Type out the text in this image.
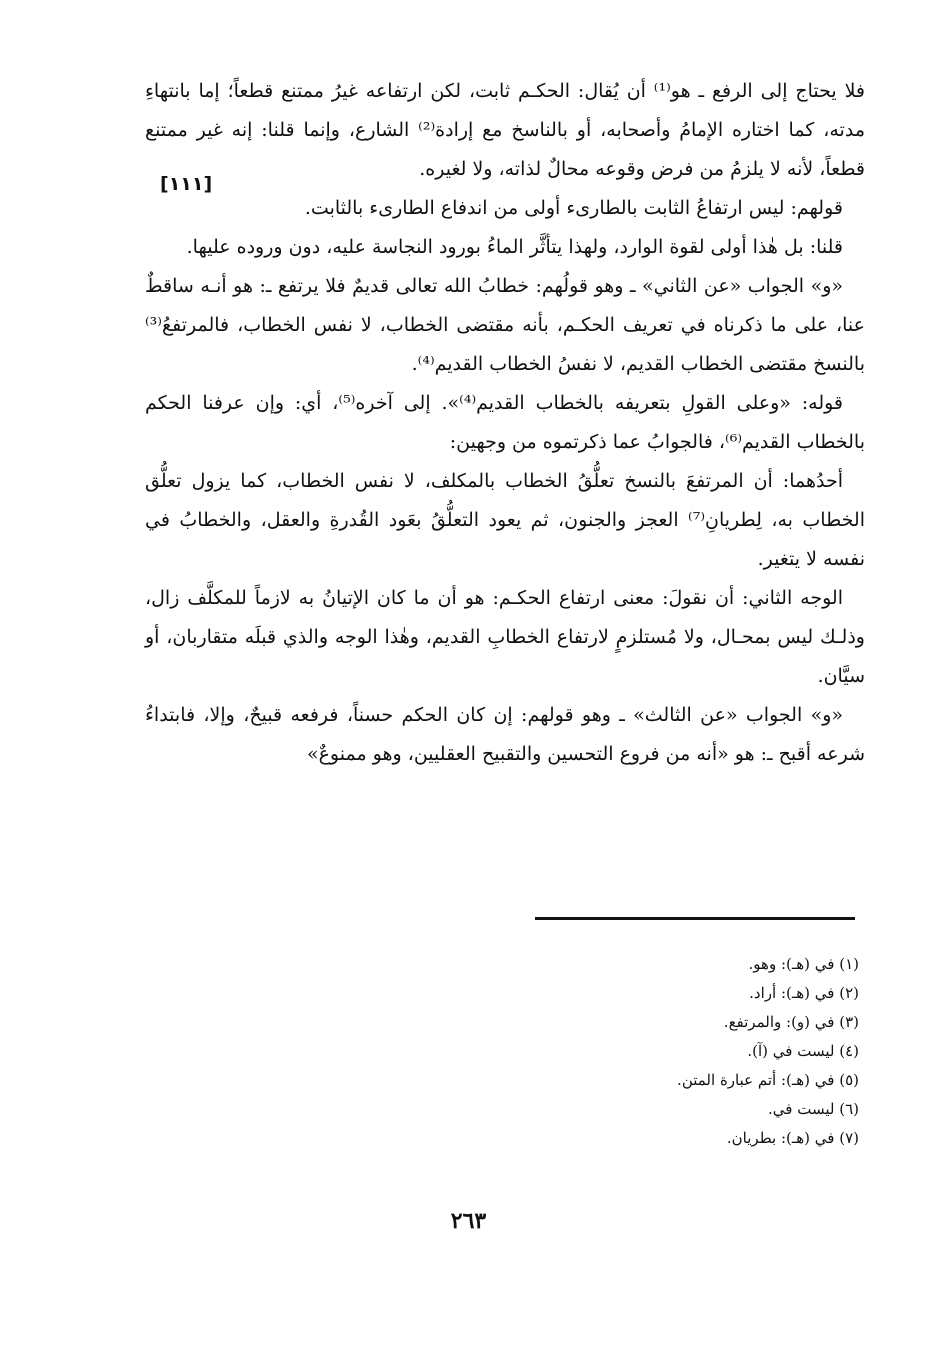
[١١١]

فلا يحتاج إلى الرفع ـ هو⁽¹⁾ أن يُقال: الحكـم ثابت، لكن ارتفاعه غيرُ ممتنع قطعاً؛ إما بانتهاءِ مدته، كما اختاره الإمامُ وأصحابه، أو بالناسخ مع إرادة⁽²⁾ الشارع، وإنما قلنا: إنه غير ممتنع قطعاً، لأنه لا يلزمُ من فرض وقوعه محالٌ لذاته، ولا لغيره.

قولهم: ليس ارتفاعُ الثابت بالطارىء أولى من اندفاع الطارىء بالثابت.

قلنا: بل هٰذا أولى لقوة الوارد، ولهذا يتأثَّر الماءُ بورود النجاسة عليه، دون وروده عليها.

«و» الجواب «عن الثاني» ـ وهو قولُهم: خطابُ الله تعالى قديمٌ فلا يرتفع ـ: هو أنـه ساقطٌ عنا، على ما ذكرناه في تعريف الحكـم، بأنه مقتضى الخطاب، لا نفس الخطاب، فالمرتفعُ⁽³⁾ بالنسخ مقتضى الخطاب القديم، لا نفسُ الخطاب القديم⁽⁴⁾.

قوله: «وعلى القولِ بتعريفه بالخطاب القديم⁽⁴⁾». إلى آخره⁽⁵⁾، أي: وإن عرفنا الحكم بالخطاب القديم⁽⁶⁾، فالجوابُ عما ذكرتموه من وجهين:

أحدُهما: أن المرتفعَ بالنسخ تعلُّقُ الخطاب بالمكلف، لا نفس الخطاب، كما يزول تعلُّق الخطاب به، لِطريانِ⁽⁷⁾ العجز والجنون، ثم يعود التعلُّقُ بعَود القُدرةِ والعقل، والخطابُ في نفسه لا يتغير.

الوجه الثاني: أن نقولَ: معنى ارتفاع الحكـم: هو أن ما كان الإتيانُ به لازماً للمكلَّف زال، وذلـك ليس بمحـال، ولا مُستلزمٍ لارتفاع الخطابِ القديم، وهٰذا الوجه والذي قبلَه متقاربان، أو سيَّان.

«و» الجواب «عن الثالث» ـ وهو قولهم: إن كان الحكم حسناً، فرفعه قبيحٌ، وإلا، فابتداءُ شرعه أقبح ـ: هو «أنه من فروع التحسين والتقبيح العقليين، وهو ممنوعٌ»

(١) في (هـ): وهو.

(٢) في (هـ): أراد.

(٣) في (و): والمرتفع.

(٤) ليست في (آ).

(٥) في (هـ): أتم عبارة المتن.

(٦) ليست في.

(٧) في (هـ): بطريان.

٢٦٣
